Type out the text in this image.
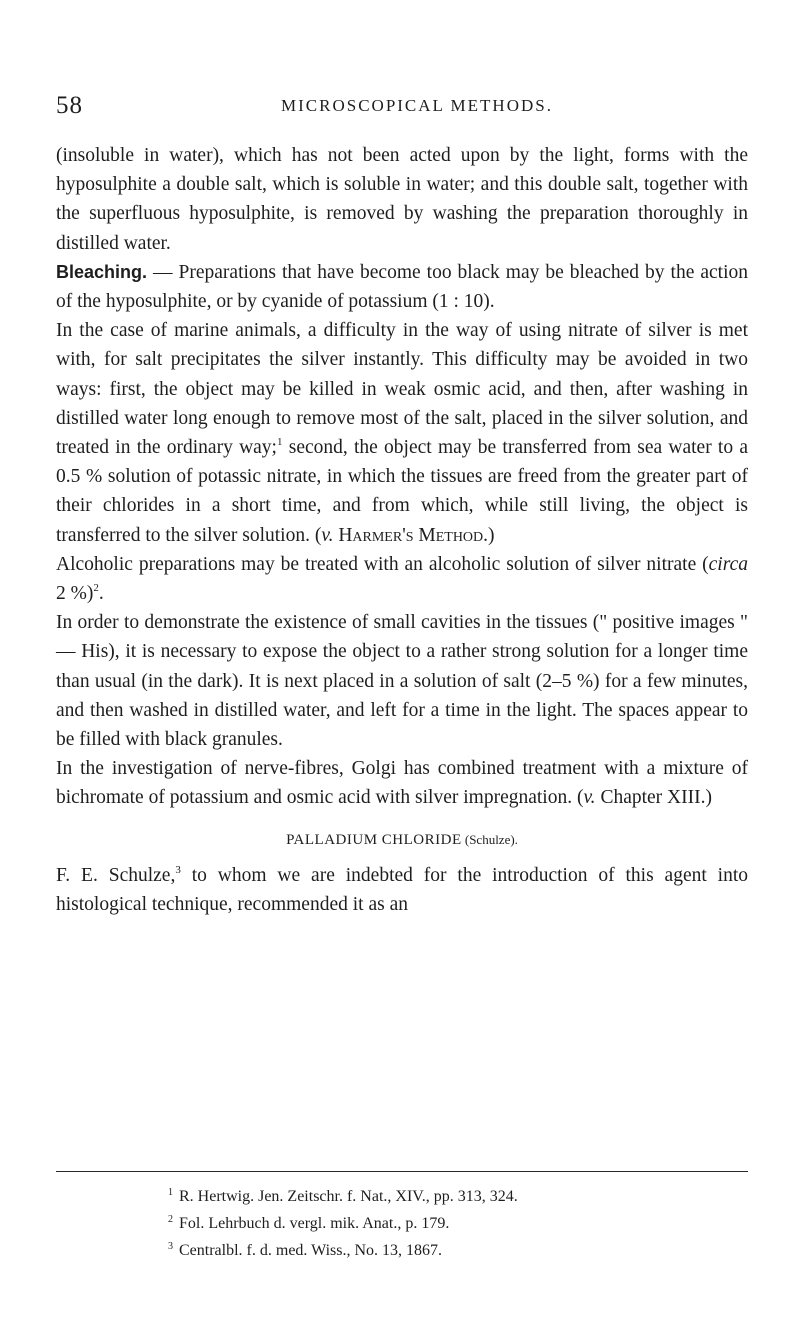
58	MICROSCOPICAL METHODS.

(insoluble in water), which has not been acted upon by the light, forms with the hyposulphite a double salt, which is soluble in water; and this double salt, together with the superfluous hyposulphite, is removed by washing the preparation thoroughly in distilled water.

Bleaching. — Preparations that have become too black may be bleached by the action of the hyposulphite, or by cyanide of potassium (1 : 10).

In the case of marine animals, a difficulty in the way of using nitrate of silver is met with, for salt precipitates the silver instantly. This difficulty may be avoided in two ways: first, the object may be killed in weak osmic acid, and then, after washing in distilled water long enough to remove most of the salt, placed in the silver solution, and treated in the ordinary way;$^1$ second, the object may be transferred from sea water to a 0.5 % solution of potassic nitrate, in which the tissues are freed from the greater part of their chlorides in a short time, and from which, while still living, the object is transferred to the silver solution. (v. Harmer's Method.)

Alcoholic preparations may be treated with an alcoholic solution of silver nitrate (circa 2 %)$^2$.

In order to demonstrate the existence of small cavities in the tissues (" positive images " — His), it is necessary to expose the object to a rather strong solution for a longer time than usual (in the dark). It is next placed in a solution of salt (2–5 %) for a few minutes, and then washed in distilled water, and left for a time in the light. The spaces appear to be filled with black granules.

In the investigation of nerve-fibres, Golgi has combined treatment with a mixture of bichromate of potassium and osmic acid with silver impregnation. (v. Chapter XIII.)

PALLADIUM CHLORIDE (Schulze).

F. E. Schulze,$^3$ to whom we are indebted for the introduction of this agent into histological technique, recommended it as an

$^1$ R. Hertwig. Jen. Zeitschr. f. Nat., XIV., pp. 313, 324.

$^2$ Fol. Lehrbuch d. vergl. mik. Anat., p. 179.

$^3$ Centralbl. f. d. med. Wiss., No. 13, 1867.
